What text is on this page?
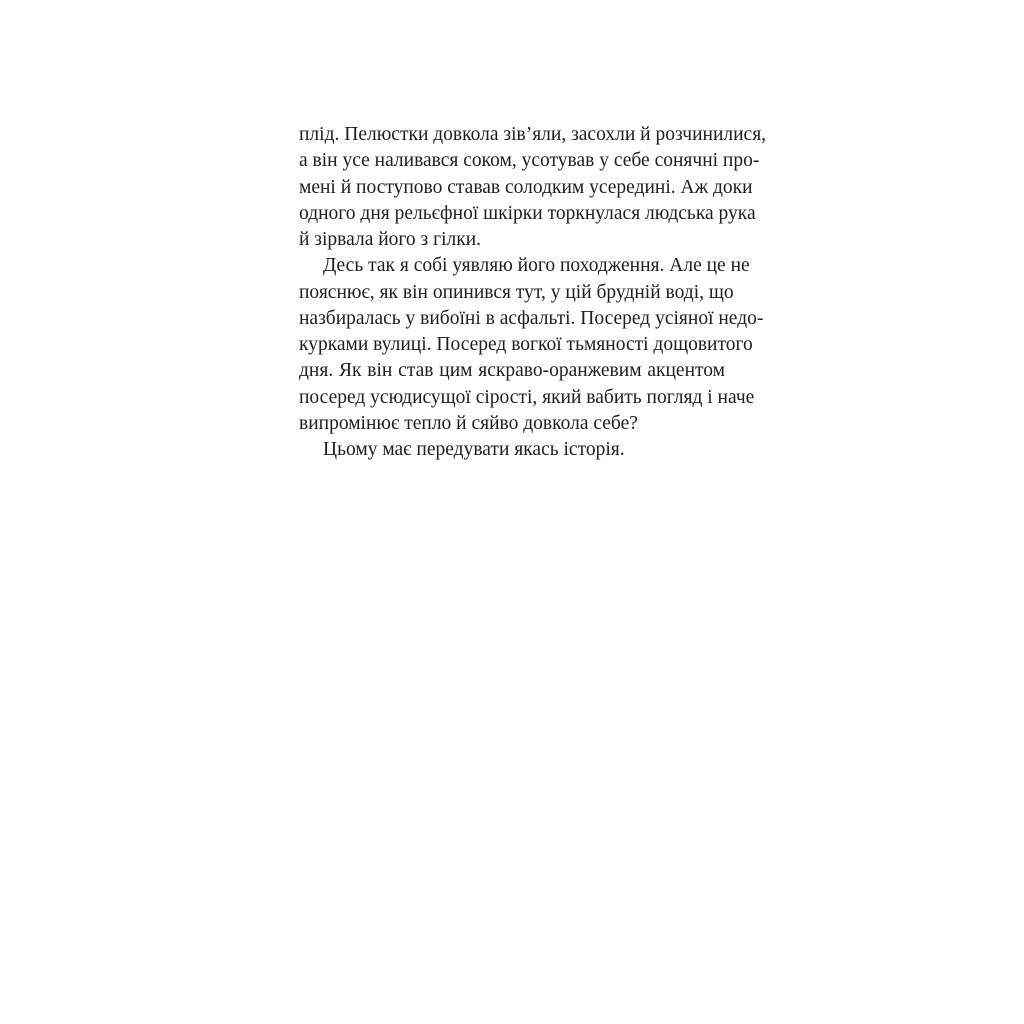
плід. Пелюстки довкола зів’яли, засохли й розчинилися,
а він усе наливався соком, усотував у себе сонячні про-
мені й поступово ставав солодким усередині. Аж доки
одного дня рельєфної шкірки торкнулася людська рука
й зірвала його з гілки.
Десь так я собі уявляю його походження. Але це не
пояснює, як він опинився тут, у цій брудній воді, що
назбиралась у вибоїні в асфальті. Посеред усіяної недо-
курками вулиці. Посеред вогкої тьмяності дощовитого
дня. Як він став цим яскраво-оранжевим акцентом
посеред усюдисущої сірості, який вабить погляд і наче
випромінює тепло й сяйво довкола себе?
Цьому має передувати якась історія.
